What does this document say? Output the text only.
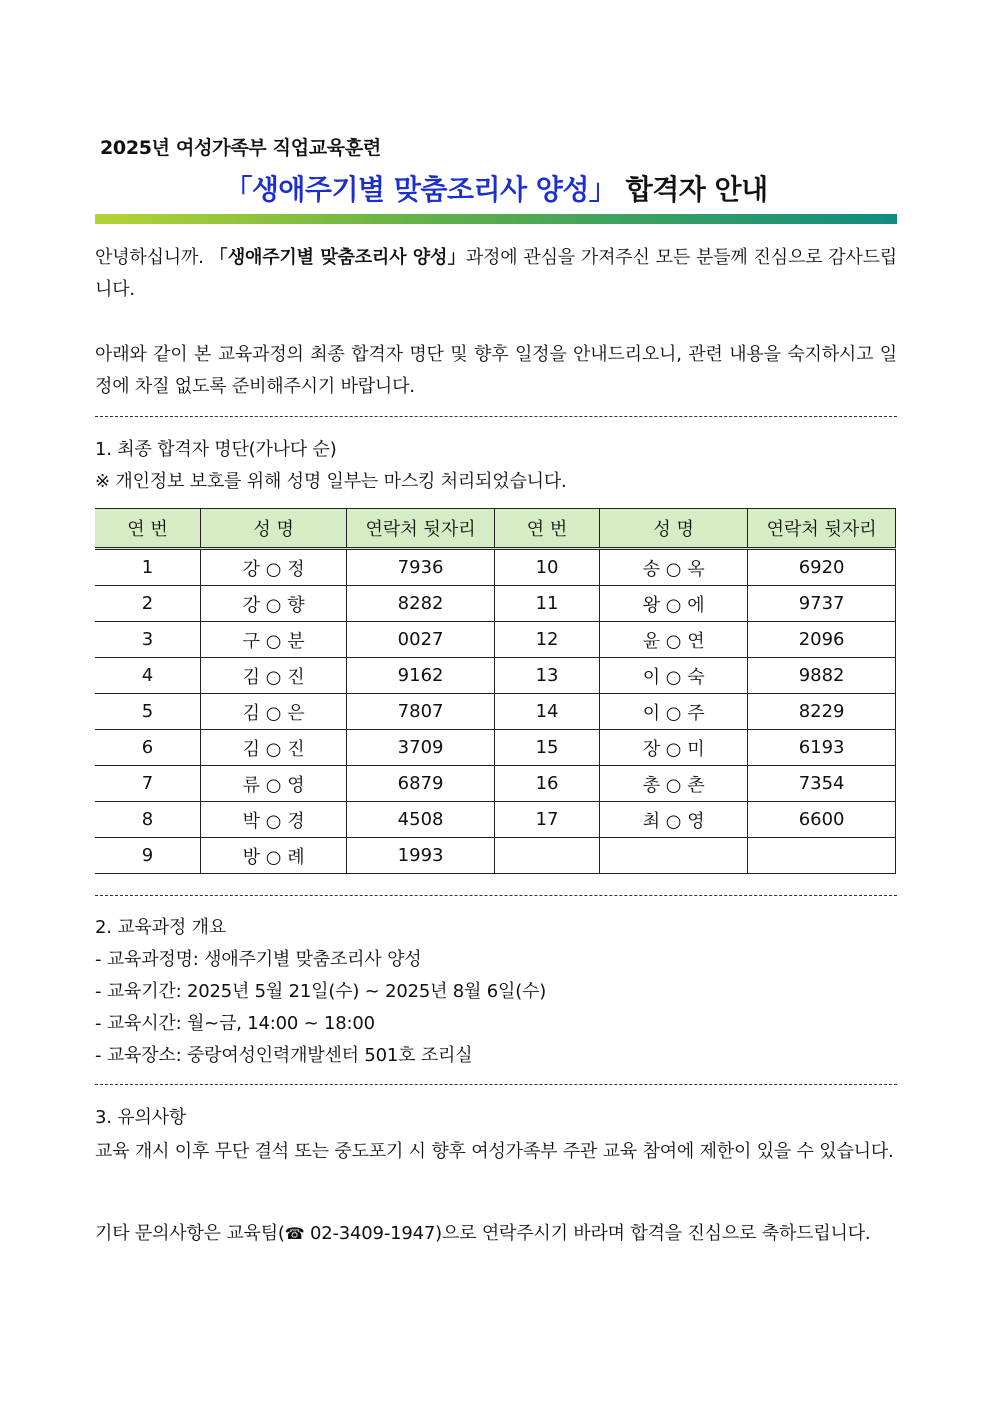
2025년 여성가족부 직업교육훈련
「생애주기별 맞춤조리사 양성」 합격자 안내
안녕하십니까. 「생애주기별 맞춤조리사 양성」과정에 관심을 가져주신 모든 분들께 진심으로 감사드립니다.
아래와 같이 본 교육과정의 최종 합격자 명단 및 향후 일정을 안내드리오니, 관련 내용을 숙지하시고 일정에 차질 없도록 준비해주시기 바랍니다.
1. 최종 합격자 명단(가나다 순)
※ 개인정보 보호를 위해 성명 일부는 마스킹 처리되었습니다.
연 번	성 명	연락처 뒷자리	연 번	성 명	연락처 뒷자리
1	강 ○ 정	7936	10	송 ○ 옥	6920
2	강 ○ 향	8282	11	왕 ○ 에	9737
3	구 ○ 분	0027	12	윤 ○ 연	2096
4	김 ○ 진	9162	13	이 ○ 숙	9882
5	김 ○ 은	7807	14	이 ○ 주	8229
6	김 ○ 진	3709	15	장 ○ 미	6193
7	류 ○ 영	6879	16	총 ○ 촌	7354
8	박 ○ 경	4508	17	최 ○ 영	6600
9	방 ○ 례	1993			
2. 교육과정 개요
- 교육과정명: 생애주기별 맞춤조리사 양성
- 교육기간: 2025년 5월 21일(수) ~ 2025년 8월 6일(수)
- 교육시간: 월~금, 14:00 ~ 18:00
- 교육장소: 중랑여성인력개발센터 501호 조리실
3. 유의사항
교육 개시 이후 무단 결석 또는 중도포기 시 향후 여성가족부 주관 교육 참여에 제한이 있을 수 있습니다.
기타 문의사항은 교육팀(☎ 02-3409-1947)으로 연락주시기 바라며 합격을 진심으로 축하드립니다.
